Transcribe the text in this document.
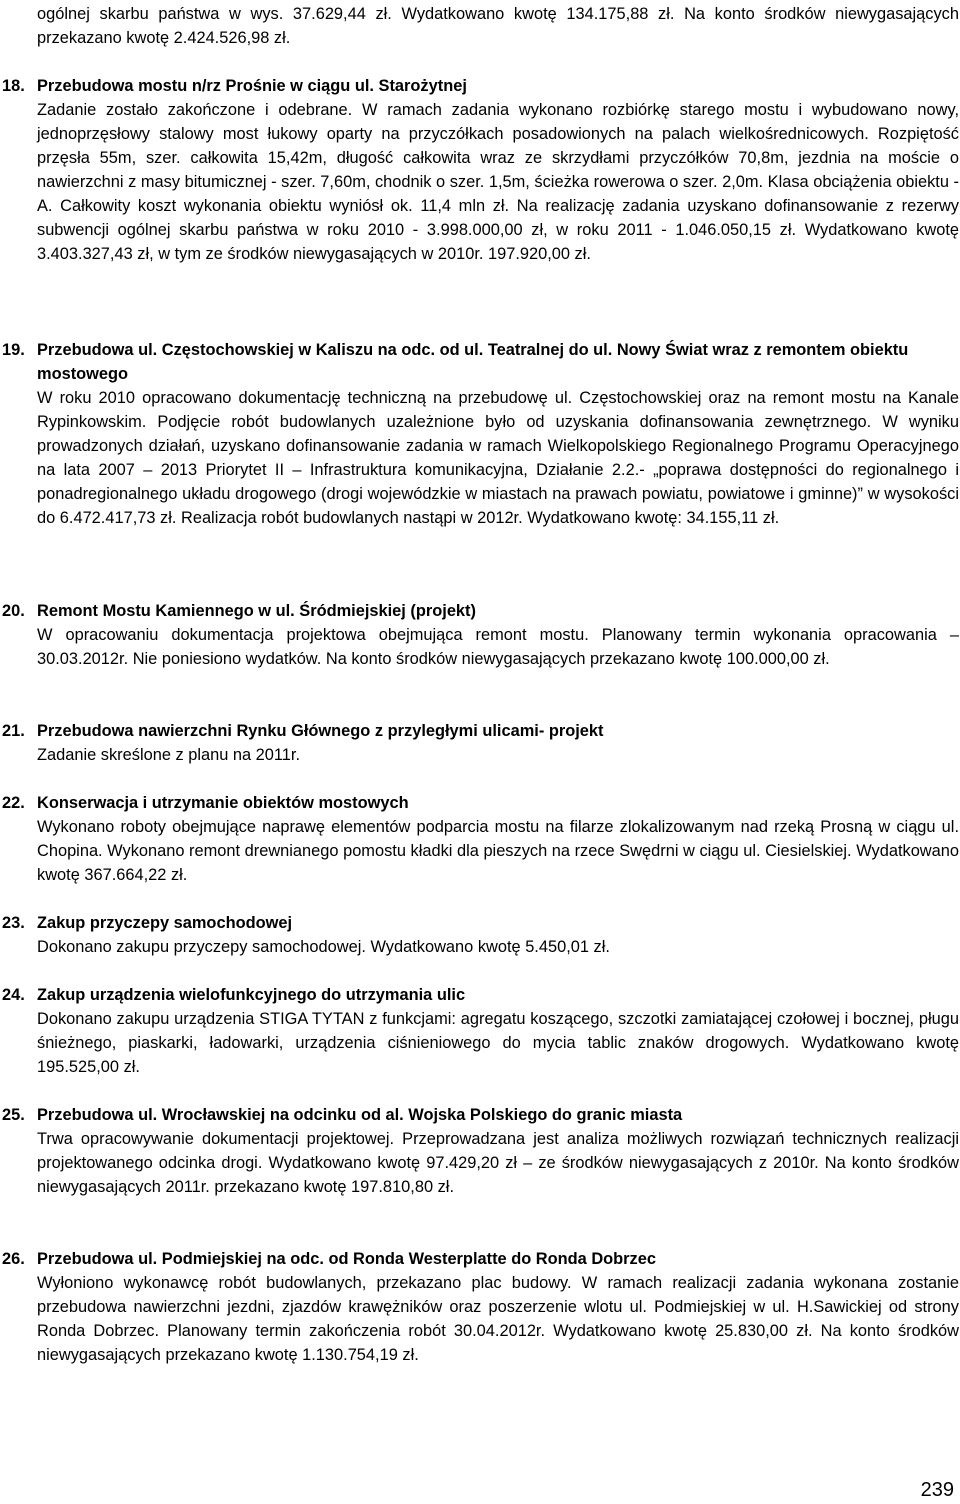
ogólnej skarbu państwa w wys. 37.629,44 zł. Wydatkowano kwotę 134.175,88 zł. Na konto środków niewygasających przekazano kwotę 2.424.526,98 zł.
18. Przebudowa mostu n/rz Prośnie w ciągu ul. Starożytnej
Zadanie zostało zakończone i odebrane. W ramach zadania wykonano rozbiórkę starego mostu i wybudowano nowy, jednoprzęsłowy stalowy most łukowy oparty na przyczółkach posadowionych na palach wielkośrednicowych. Rozpiętość przęsła 55m, szer. całkowita 15,42m, długość całkowita wraz ze skrzydłami przyczółków 70,8m, jezdnia na moście o nawierzchni z masy bitumicznej - szer. 7,60m, chodnik o szer. 1,5m, ścieżka rowerowa o szer. 2,0m. Klasa obciążenia obiektu - A. Całkowity koszt wykonania obiektu wyniósł ok. 11,4 mln zł. Na realizację zadania uzyskano dofinansowanie z rezerwy subwencji ogólnej skarbu państwa w roku 2010 - 3.998.000,00 zł, w roku 2011 - 1.046.050,15 zł. Wydatkowano kwotę 3.403.327,43 zł, w tym ze środków niewygasających w 2010r. 197.920,00 zł.
19. Przebudowa ul. Częstochowskiej w Kaliszu na odc. od ul. Teatralnej do ul. Nowy Świat wraz z remontem obiektu mostowego
W roku 2010 opracowano dokumentację techniczną na przebudowę ul. Częstochowskiej oraz na remont mostu na Kanale Rypinkowskim. Podjęcie robót budowlanych uzależnione było od uzyskania dofinansowania zewnętrznego. W wyniku prowadzonych działań, uzyskano dofinansowanie zadania w ramach Wielkopolskiego Regionalnego Programu Operacyjnego na lata 2007 – 2013 Priorytet II – Infrastruktura komunikacyjna, Działanie 2.2.- „poprawa dostępności do regionalnego i ponadregionalnego układu drogowego (drogi wojewódzkie w miastach na prawach powiatu, powiatowe i gminne)” w wysokości do 6.472.417,73 zł. Realizacja robót budowlanych nastąpi w 2012r. Wydatkowano kwotę: 34.155,11 zł.
20. Remont Mostu Kamiennego w ul. Śródmiejskiej (projekt)
W opracowaniu dokumentacja projektowa obejmująca remont mostu. Planowany termin wykonania opracowania – 30.03.2012r. Nie poniesiono wydatków. Na konto środków niewygasających przekazano kwotę 100.000,00 zł.
21. Przebudowa nawierzchni Rynku Głównego z przyległymi ulicami- projekt
Zadanie skreślone z planu na 2011r.
22. Konserwacja i utrzymanie obiektów mostowych
Wykonano roboty obejmujące naprawę elementów podparcia mostu na filarze zlokalizowanym nad rzeką Prosną w ciągu ul. Chopina. Wykonano remont drewnianego pomostu kładki dla pieszych na rzece Swędrni w ciągu ul. Ciesielskiej. Wydatkowano kwotę 367.664,22 zł.
23. Zakup przyczepy samochodowej
Dokonano zakupu przyczepy samochodowej. Wydatkowano kwotę 5.450,01 zł.
24. Zakup urządzenia wielofunkcyjnego do utrzymania ulic
Dokonano zakupu urządzenia STIGA TYTAN z funkcjami: agregatu koszącego, szczotki zamiatającej czołowej i bocznej, pługu śnieżnego, piaskarki, ładowarki, urządzenia ciśnieniowego do mycia tablic znaków drogowych. Wydatkowano kwotę 195.525,00 zł.
25. Przebudowa ul. Wrocławskiej na odcinku od al. Wojska Polskiego do granic miasta
Trwa opracowywanie dokumentacji projektowej. Przeprowadzana jest analiza możliwych rozwiązań technicznych realizacji projektowanego odcinka drogi. Wydatkowano kwotę 97.429,20 zł – ze środków niewygasających z 2010r. Na konto środków niewygasających 2011r. przekazano kwotę 197.810,80 zł.
26. Przebudowa ul. Podmiejskiej na odc. od Ronda Westerplatte do Ronda Dobrzec
Wyłoniono wykonawcę robót budowlanych, przekazano plac budowy. W ramach realizacji zadania wykonana zostanie przebudowa nawierzchni jezdni, zjazdów krawężników oraz poszerzenie wlotu ul. Podmiejskiej w ul. H.Sawickiej od strony Ronda Dobrzec. Planowany termin zakończenia robót 30.04.2012r. Wydatkowano kwotę 25.830,00 zł. Na konto środków niewygasających przekazano kwotę 1.130.754,19 zł.
239
